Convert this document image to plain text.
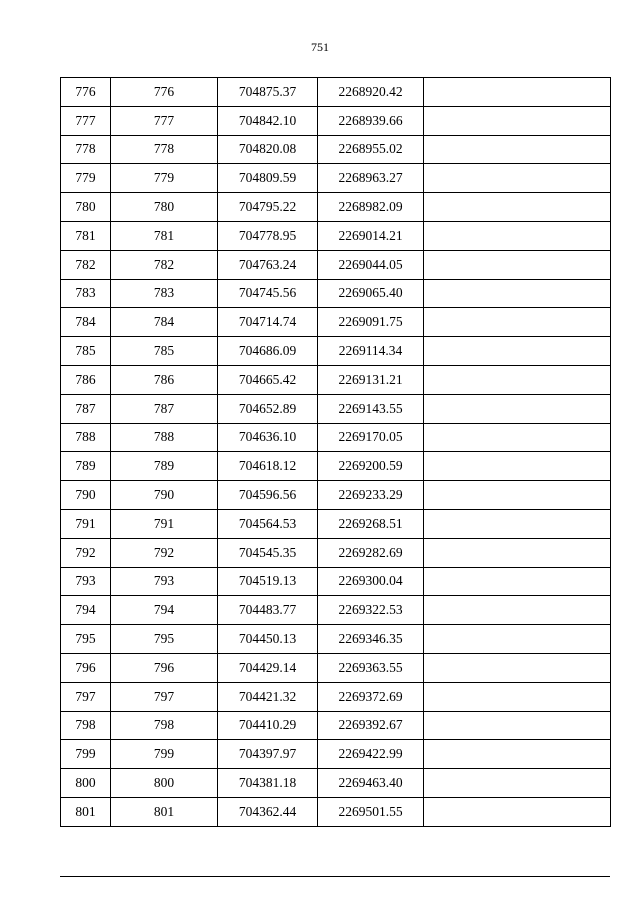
751
776	776	704875.37	2268920.42	
777	777	704842.10	2268939.66	
778	778	704820.08	2268955.02	
779	779	704809.59	2268963.27	
780	780	704795.22	2268982.09	
781	781	704778.95	2269014.21	
782	782	704763.24	2269044.05	
783	783	704745.56	2269065.40	
784	784	704714.74	2269091.75	
785	785	704686.09	2269114.34	
786	786	704665.42	2269131.21	
787	787	704652.89	2269143.55	
788	788	704636.10	2269170.05	
789	789	704618.12	2269200.59	
790	790	704596.56	2269233.29	
791	791	704564.53	2269268.51	
792	792	704545.35	2269282.69	
793	793	704519.13	2269300.04	
794	794	704483.77	2269322.53	
795	795	704450.13	2269346.35	
796	796	704429.14	2269363.55	
797	797	704421.32	2269372.69	
798	798	704410.29	2269392.67	
799	799	704397.97	2269422.99	
800	800	704381.18	2269463.40	
801	801	704362.44	2269501.55	
